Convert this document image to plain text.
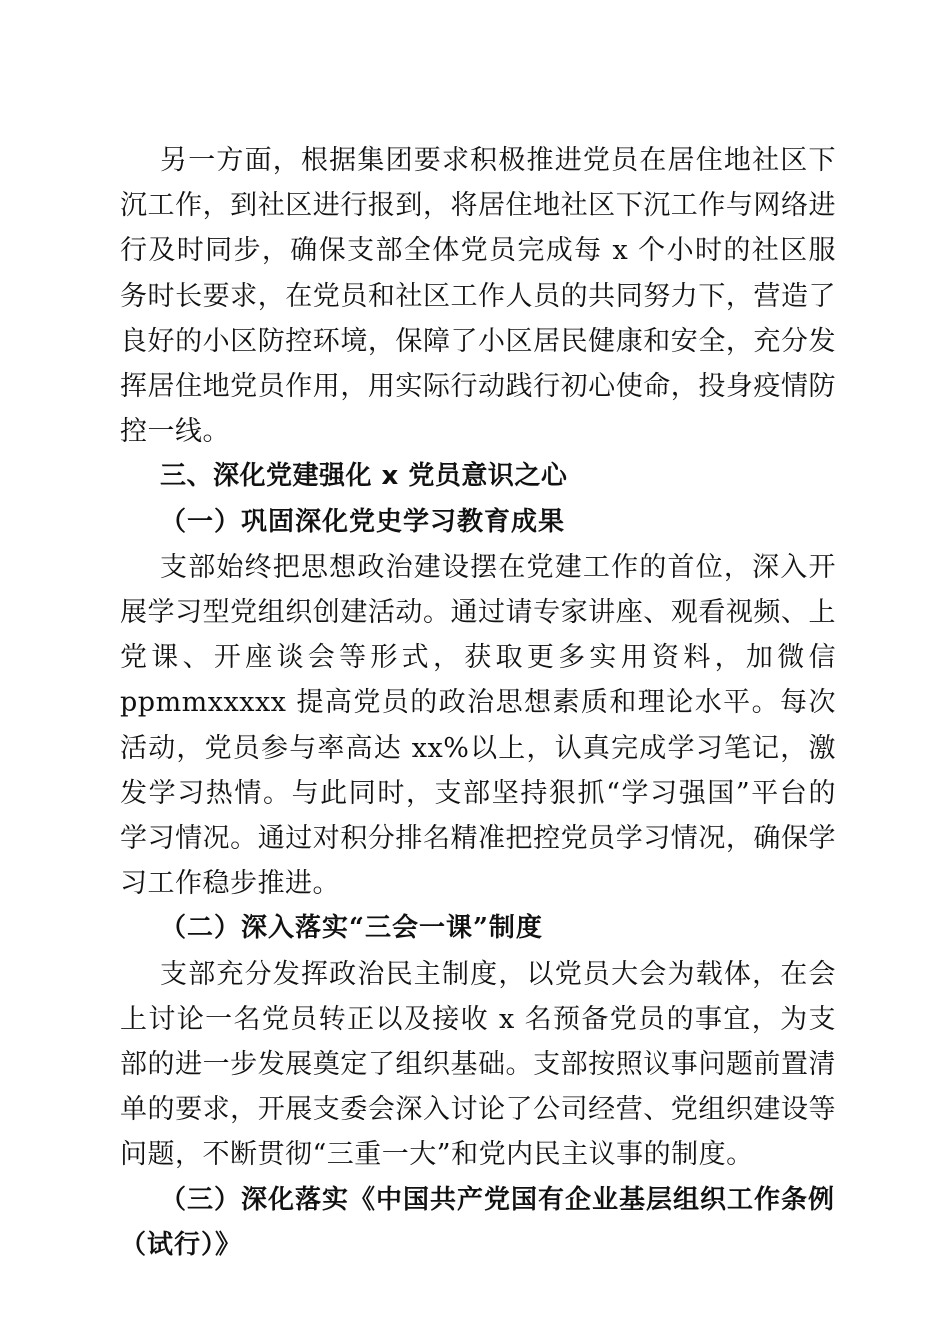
另一方面，根据集团要求积极推进党员在居住地社区下沉工作，到社区进行报到，将居住地社区下沉工作与网络进行及时同步，确保支部全体党员完成每 x 个小时的社区服务时长要求，在党员和社区工作人员的共同努力下，营造了良好的小区防控环境，保障了小区居民健康和安全，充分发挥居住地党员作用，用实际行动践行初心使命，投身疫情防控一线。

三、深化党建强化 x 党员意识之心

（一）巩固深化党史学习教育成果

支部始终把思想政治建设摆在党建工作的首位，深入开展学习型党组织创建活动。通过请专家讲座、观看视频、上党课、开座谈会等形式，获取更多实用资料，加微信 ppmmxxxxx 提高党员的政治思想素质和理论水平。每次活动，党员参与率高达 xx%以上，认真完成学习笔记，激发学习热情。与此同时，支部坚持狠抓“学习强国”平台的学习情况。通过对积分排名精准把控党员学习情况，确保学习工作稳步推进。

（二）深入落实“三会一课”制度

支部充分发挥政治民主制度，以党员大会为载体，在会上讨论一名党员转正以及接收 x 名预备党员的事宜，为支部的进一步发展奠定了组织基础。支部按照议事问题前置清单的要求，开展支委会深入讨论了公司经营、党组织建设等问题，不断贯彻“三重一大”和党内民主议事的制度。

（三）深化落实《中国共产党国有企业基层组织工作条例（试行）》
